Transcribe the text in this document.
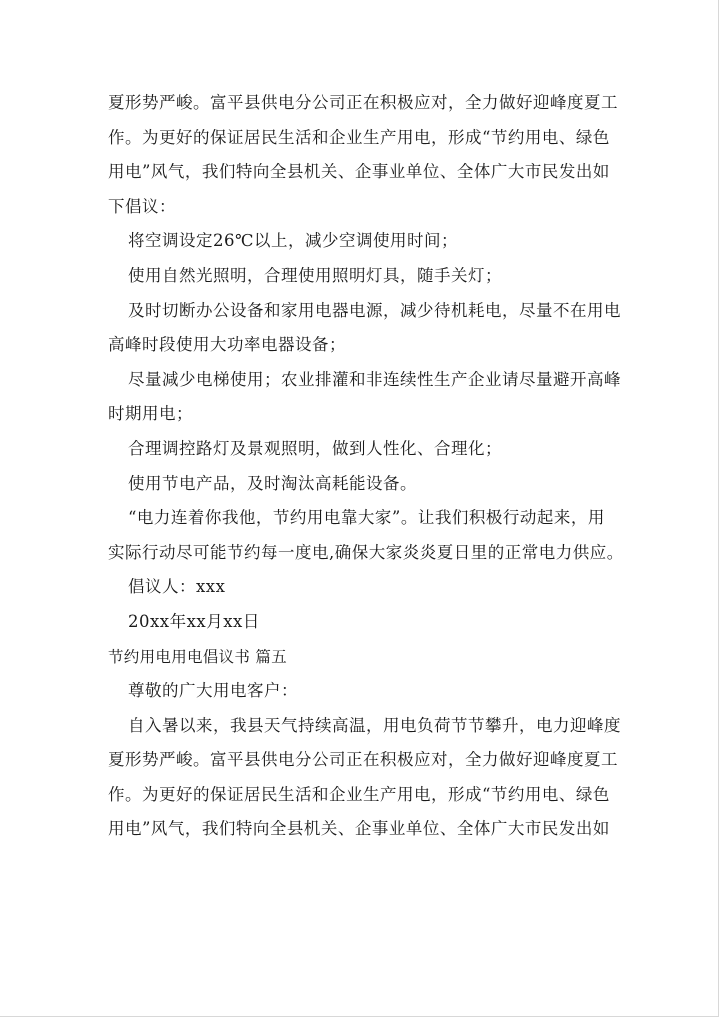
夏形势严峻。富平县供电分公司正在积极应对，全力做好迎峰度夏工
作。为更好的保证居民生活和企业生产用电，形成“节约用电、绿色
用电”风气，我们特向全县机关、企事业单位、全体广大市民发出如
下倡议：
将空调设定26℃以上，减少空调使用时间；
使用自然光照明，合理使用照明灯具，随手关灯；
及时切断办公设备和家用电器电源，减少待机耗电，尽量不在用电
高峰时段使用大功率电器设备；
尽量减少电梯使用；农业排灌和非连续性生产企业请尽量避开高峰
时期用电；
合理调控路灯及景观照明，做到人性化、合理化；
使用节电产品，及时淘汰高耗能设备。
“电力连着你我他，节约用电靠大家”。让我们积极行动起来，用
实际行动尽可能节约每一度电,确保大家炎炎夏日里的正常电力供应。
倡议人：xxx
20xx年xx月xx日
节约用电用电倡议书 篇五
尊敬的广大用电客户：
自入暑以来，我县天气持续高温，用电负荷节节攀升，电力迎峰度
夏形势严峻。富平县供电分公司正在积极应对，全力做好迎峰度夏工
作。为更好的保证居民生活和企业生产用电，形成“节约用电、绿色
用电”风气，我们特向全县机关、企事业单位、全体广大市民发出如
